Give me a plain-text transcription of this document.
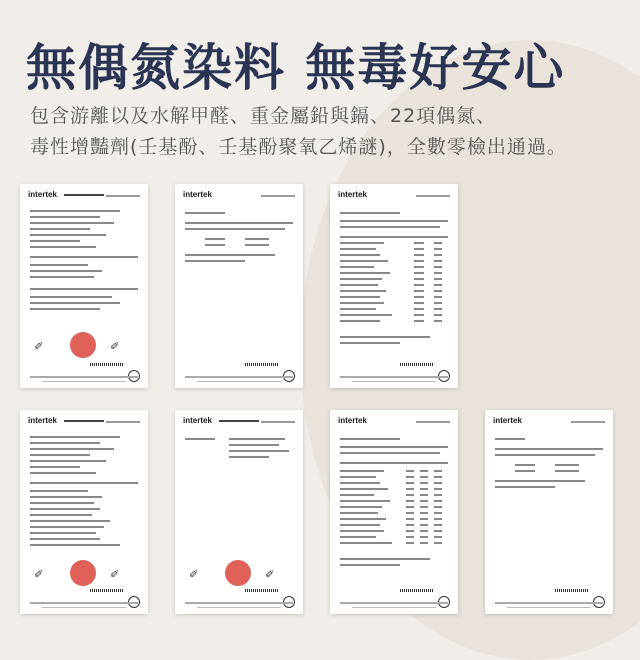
無偶氮染料 無毒好安心
包含游離以及水解甲醛、重金屬鉛與鎘、22項偶氮、
毒性增豔劑(壬基酚、壬基酚聚氧乙烯謎)，全數零檢出通過。
intertek
✐	✐
intertek	intertek
intertek
✐	✐
intertek
✐	✐
intertek	intertek
